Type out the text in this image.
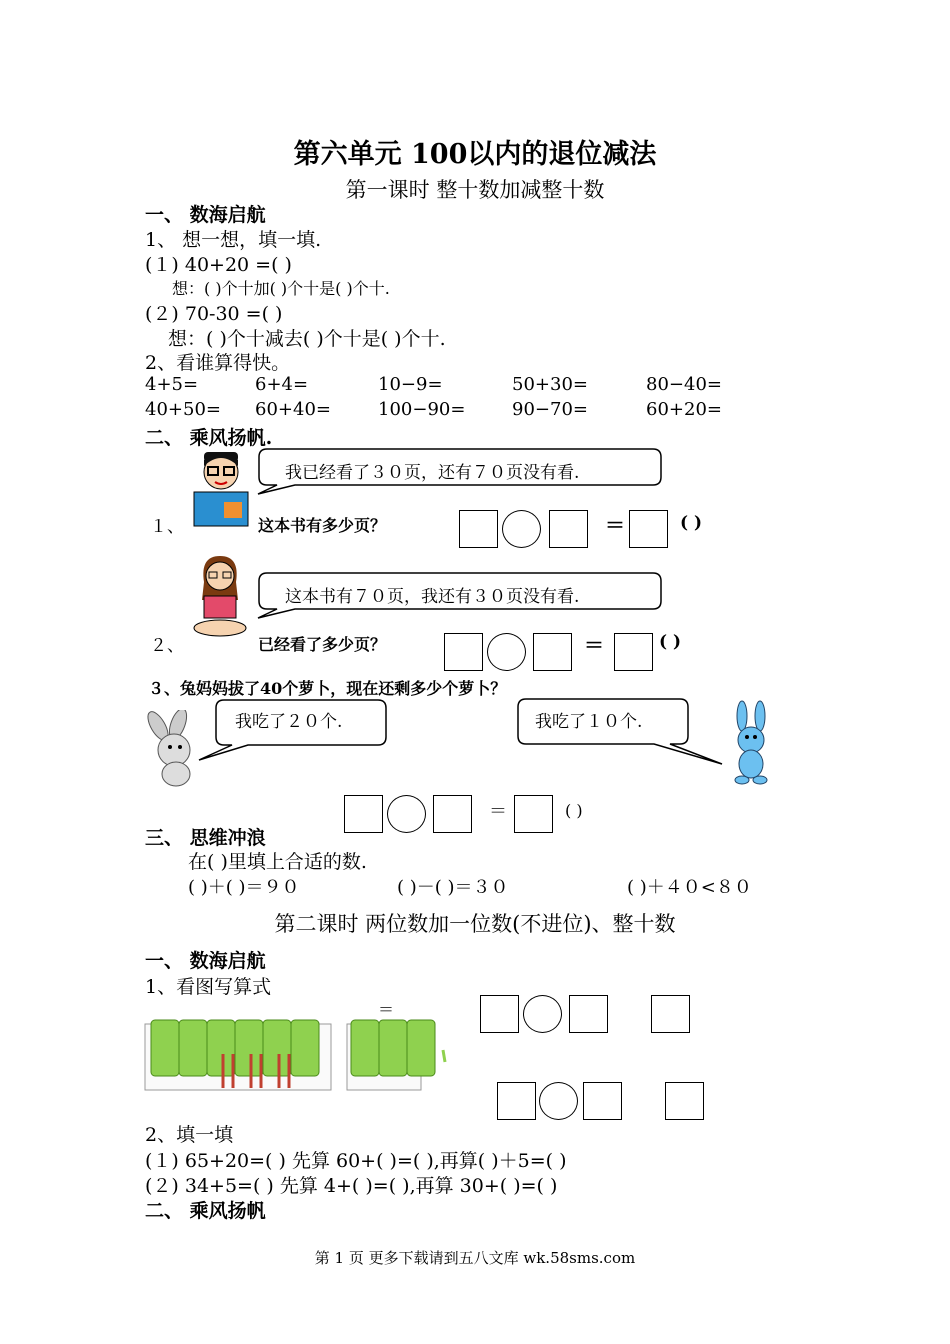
第六单元 100以内的退位减法
第一课时 整十数加减整十数
一、 数海启航
1、 想一想，填一填.
(１) 40+20 =( )
想：( )个十加( )个十是( )个十.
(２) 70-30 =( )
想：( )个十减去( )个十是( )个十.
2、看谁算得快。
4+5=	6+4=	10−9=	50+30=	80−40=
40+50= 60+40=	100−90=	90−70=	60+20=
二、 乘风扬帆.
我已经看了３０页，还有７０页没有看.
１、	这本书有多少页？	＝	( )
这本书有７０页，我还有３０页没有看.
２、	已经看了多少页？	＝	( )
３、兔妈妈拔了40个萝卜，现在还剩多少个萝卜？
我吃了２０个.	我吃了１０个.
＝	( )
三、 思维冲浪
在( )里填上合适的数.
( )＋( )＝９０	( )－( )＝３０	( )＋４０<８０
第二课时 两位数加一位数(不进位)、整十数
一、 数海启航
1、看图写算式
＝
2、填一填
(１) 65+20=( ) 先算 60+( )=( ),再算( )＋5=( )
(２) 34+5=( ) 先算 4+( )=( ),再算 30+( )=( )
二、 乘风扬帆
第 1 页 更多下载请到五八文库 wk.58sms.com
